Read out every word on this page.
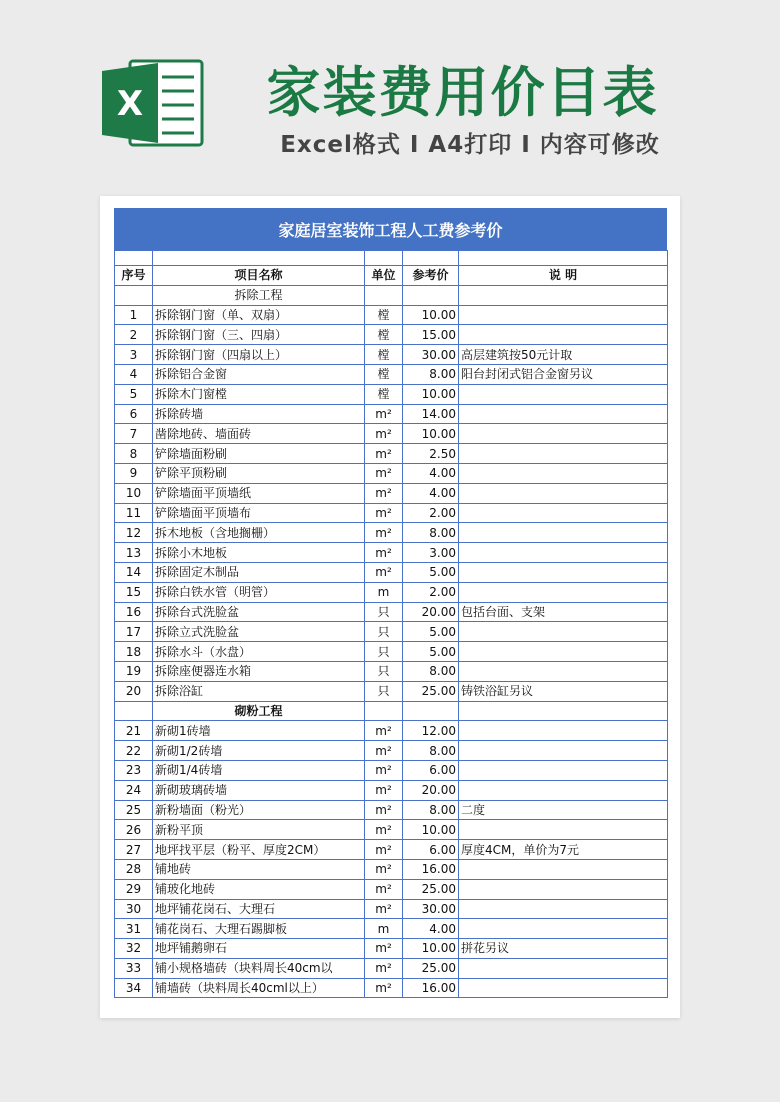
X	家装费用价目表
Excel格式 I A4打印 I 内容可修改
家庭居室装饰工程人工费参考价

序号	项目名称	单位	参考价	说 明
	拆除工程			
1	拆除钢门窗（单、双扇）	樘	10.00	
2	拆除钢门窗（三、四扇）	樘	15.00	
3	拆除钢门窗（四扇以上）	樘	30.00	高层建筑按50元计取
4	拆除铝合金窗	樘	8.00	阳台封闭式铝合金窗另议
5	拆除木门窗樘	樘	10.00	
6	拆除砖墙	m²	14.00	
7	凿除地砖、墙面砖	m²	10.00	
8	铲除墙面粉刷	m²	2.50	
9	铲除平顶粉刷	m²	4.00	
10	铲除墙面平顶墙纸	m²	4.00	
11	铲除墙面平顶墙布	m²	2.00	
12	拆木地板（含地搁栅）	m²	8.00	
13	拆除小木地板	m²	3.00	
14	拆除固定木制品	m²	5.00	
15	拆除白铁水管（明管）	m	2.00	
16	拆除台式洗脸盆	只	20.00	包括台面、支架
17	拆除立式洗脸盆	只	5.00	
18	拆除水斗（水盘）	只	5.00	
19	拆除座便器连水箱	只	8.00	
20	拆除浴缸	只	25.00	铸铁浴缸另议
	砌粉工程			
21	新砌1砖墙	m²	12.00	
22	新砌1/2砖墙	m²	8.00	
23	新砌1/4砖墙	m²	6.00	
24	新砌玻璃砖墙	m²	20.00	
25	新粉墙面（粉光）	m²	8.00	二度
26	新粉平顶	m²	10.00	
27	地坪找平层（粉平、厚度2CM）	m²	6.00	厚度4CM，单价为7元
28	铺地砖	m²	16.00	
29	铺玻化地砖	m²	25.00	
30	地坪铺花岗石、大理石	m²	30.00	
31	铺花岗石、大理石踢脚板	m	4.00	
32	地坪铺鹅卵石	m²	10.00	拼花另议
33	铺小规格墙砖（块料周长40cm以	m²	25.00	
34	铺墙砖（块料周长40cml以上）	m²	16.00	
